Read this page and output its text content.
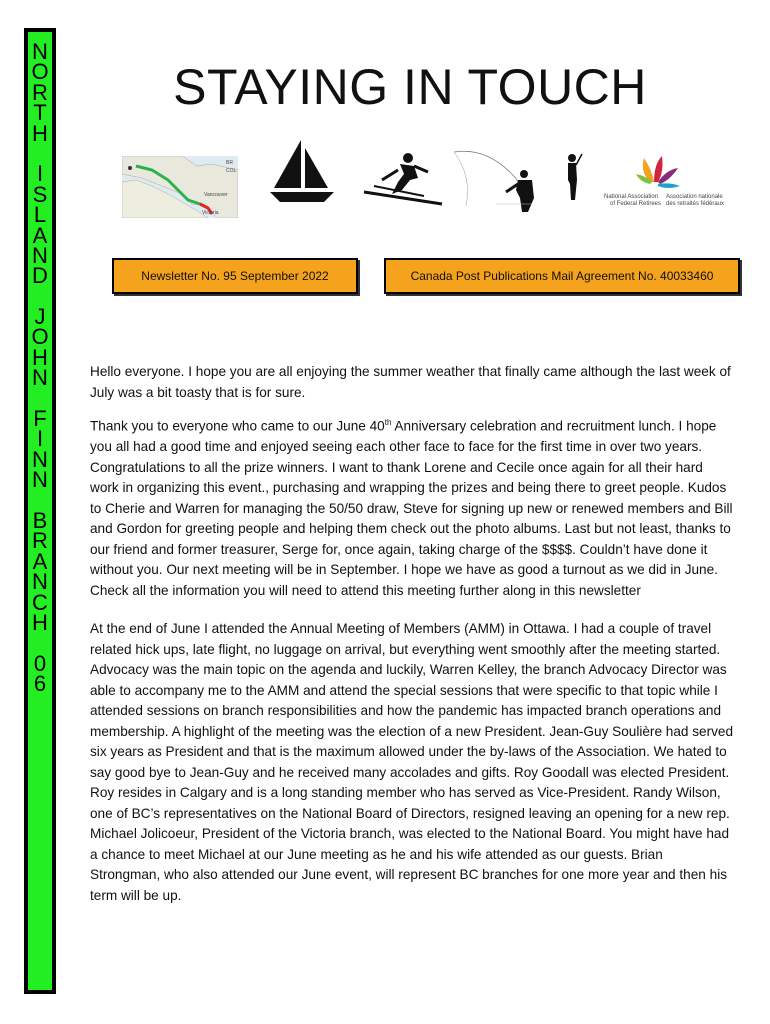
N
O
R
T
H
I
S
L
A
N
D
J
O
H
N
F
I
N
N
B
R
A
N
C
H
0
6
STAYING IN TOUCH
BR
COL
Vancouver
Victoria
National Association
of Federal Retirees
Association nationale
des retraités fédéraux
Newsletter No. 95 September 2022	Canada Post Publications Mail Agreement No. 40033460

Hello everyone. I hope you are all enjoying the summer weather that finally came although the last week of July was a bit toasty that is for sure.

Thank you to everyone who came to our June 40th Anniversary celebration and recruitment lunch. I hope you all had a good time and enjoyed seeing each other face to face for the first time in over two years. Congratulations to all the prize winners. I want to thank Lorene and Cecile once again for all their hard work in organizing this event., purchasing and wrapping the prizes and being there to greet people. Kudos to Cherie and Warren for managing the 50/50 draw, Steve for signing up new or renewed members and Bill and Gordon for greeting people and helping them check out the photo albums. Last but not least, thanks to our friend and former treasurer, Serge for, once again, taking charge of the $$$$. Couldn’t have done it without you. Our next meeting will be in September. I hope we have as good a turnout as we did in June. Check all the information you will need to attend this meeting further along in this newsletter

At the end of June I attended the Annual Meeting of Members (AMM) in Ottawa. I had a couple of travel related hick ups, late flight, no luggage on arrival, but everything went smoothly after the meeting started. Advocacy was the main topic on the agenda and luckily, Warren Kelley, the branch Advocacy Director was able to accompany me to the AMM and attend the special sessions that were specific to that topic while I attended sessions on branch responsibilities and how the pandemic has impacted branch operations and membership. A highlight of the meeting was the election of a new President. Jean-Guy Soulière had served six years as President and that is the maximum allowed under the by-laws of the Association. We hated to say good bye to Jean-Guy and he received many accolades and gifts. Roy Goodall was elected President. Roy resides in Calgary and is a long standing member who has served as Vice-President. Randy Wilson, one of BC’s representatives on the National Board of Directors, resigned leaving an opening for a new rep. Michael Jolicoeur, President of the Victoria branch, was elected to the National Board. You might have had a chance to meet Michael at our June meeting as he and his wife attended as our guests. Brian Strongman, who also attended our June event, will represent BC branches for one more year and then his term will be up.
